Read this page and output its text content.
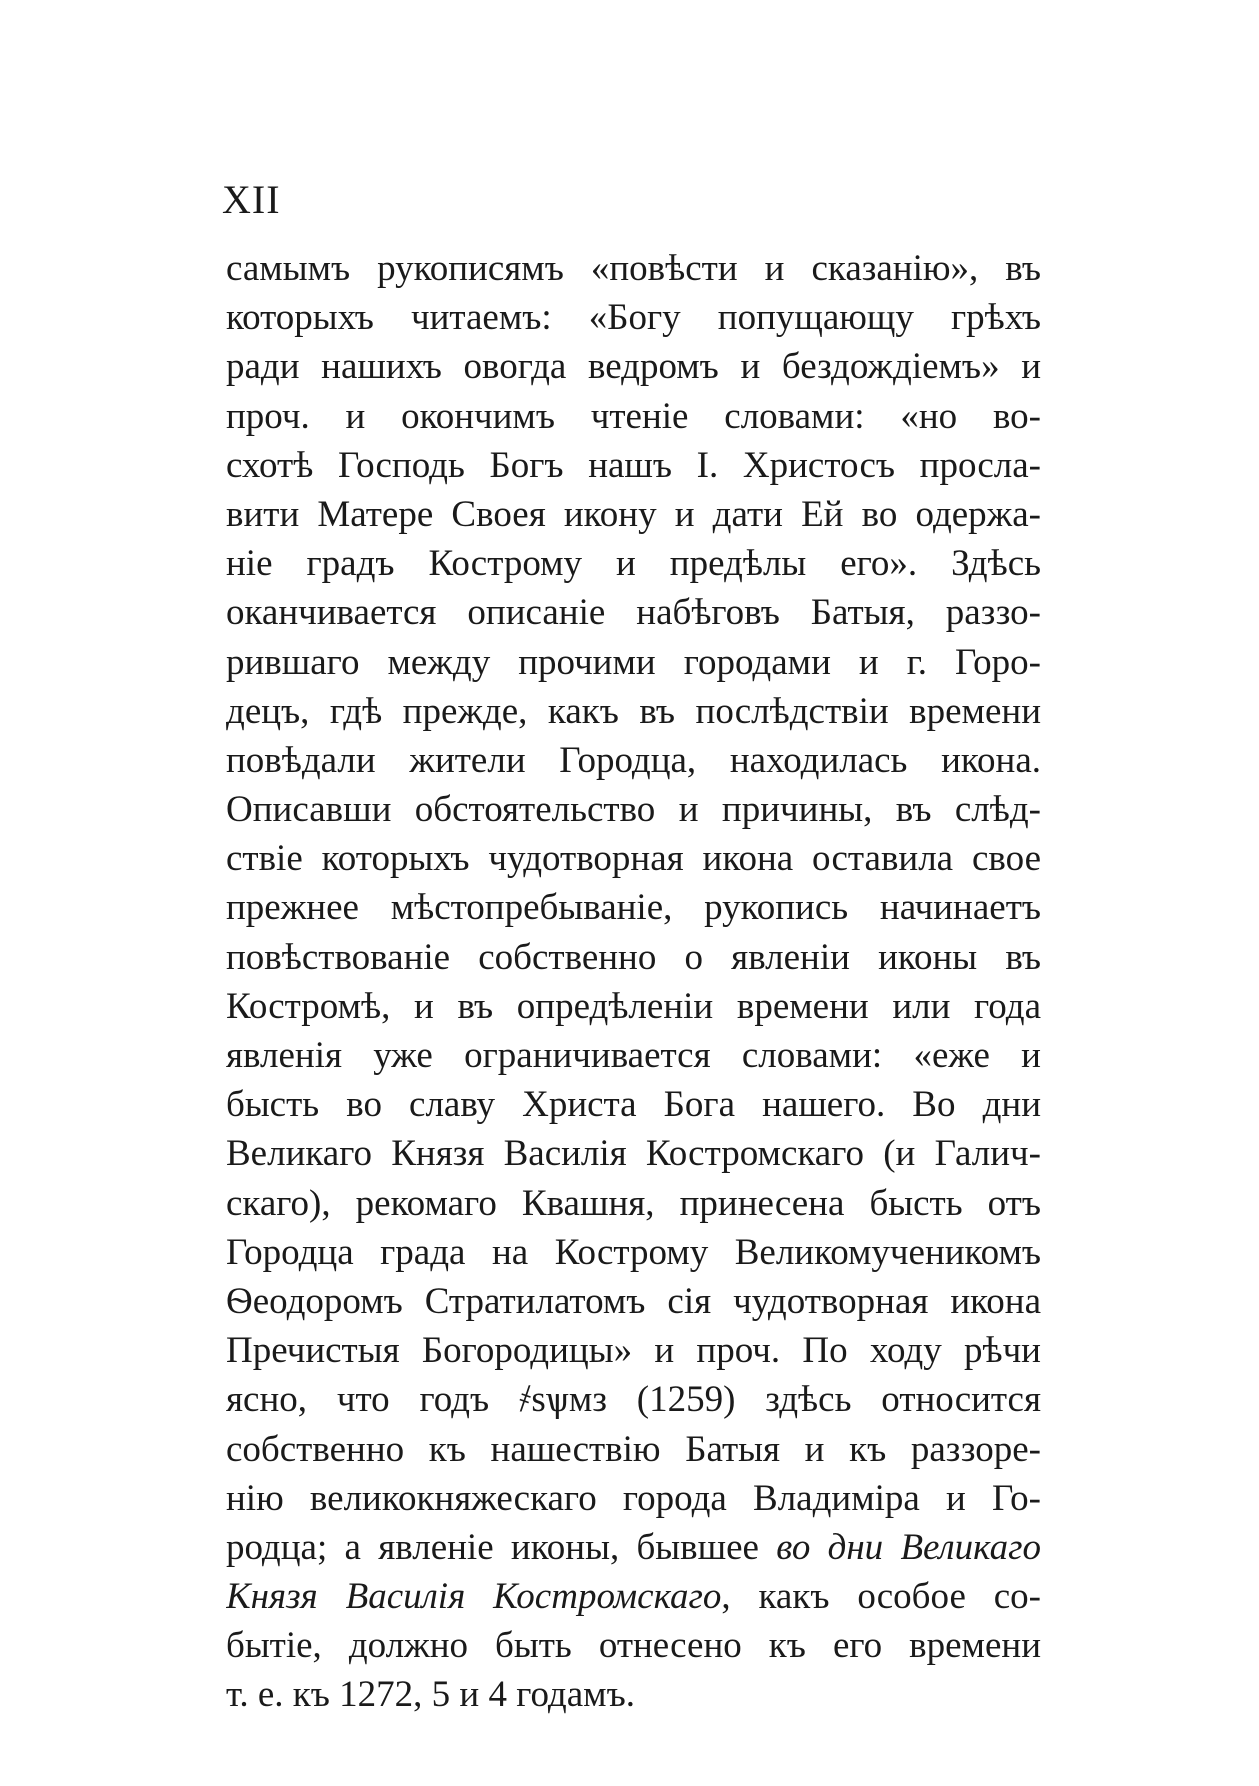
XII
самымъ рукописямъ «повѣсти и сказанію», въ
которыхъ читаемъ: «Богу попущающу грѣхъ
ради нашихъ овогда ведромъ и бездождіемъ» и
проч. и окончимъ чтеніе словами: «но во-
схотѣ Господь Богъ нашъ І. Христосъ просла-
вити Матере Своея икону и дати Ей во одержа-
ніе градъ Кострому и предѣлы его». Здѣсь
оканчивается описаніе набѣговъ Батыя, раззо-
рившаго между прочими городами и г. Горо-
децъ, гдѣ прежде, какъ въ послѣдствіи времени
повѣдали жители Городца, находилась икона.
Описавши обстоятельство и причины, въ слѣд-
ствіе которыхъ чудотворная икона оставила свое
прежнее мѣстопребываніе, рукопись начинаетъ
повѣствованіе собственно о явленіи иконы въ
Костромѣ, и въ опредѣленіи времени или года
явленія уже ограничивается словами: «еже и
бысть во славу Христа Бога нашего. Во дни
Великаго Князя Василія Костромскаго (и Галич-
скаго), рекомаго Квашня, принесена бысть отъ
Городца града на Кострому Великомученикомъ
Ѳеодоромъ Стратилатомъ сія чудотворная икона
Пречистыя Богородицы» и проч. По ходу рѣчи
ясно, что годъ ҂ѕѱмз (1259) здѣсь относится
собственно къ нашествію Батыя и къ раззоре-
нію великокняжескаго города Владиміра и Го-
родца; а явленіе иконы, бывшее во дни Великаго
Князя Василія Костромскаго, какъ особое со-
бытіе, должно быть отнесено къ его времени
т. е. къ 1272, 5 и 4 годамъ.
